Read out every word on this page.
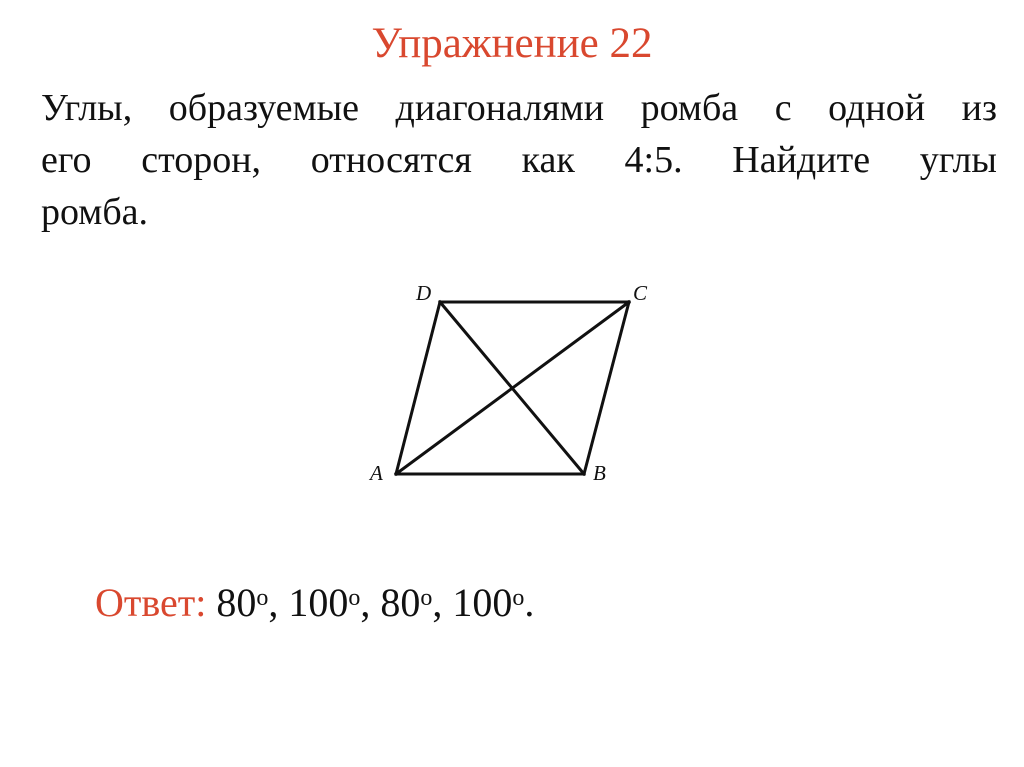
Упражнение 22
Углы, образуемые диагоналями ромба с одной из
его сторон, относятся как 4:5. Найдите углы
ромба.
A	B
C
D
Ответ: 80$^o$, 100$^o$, 80$^o$, 100$^o$.
